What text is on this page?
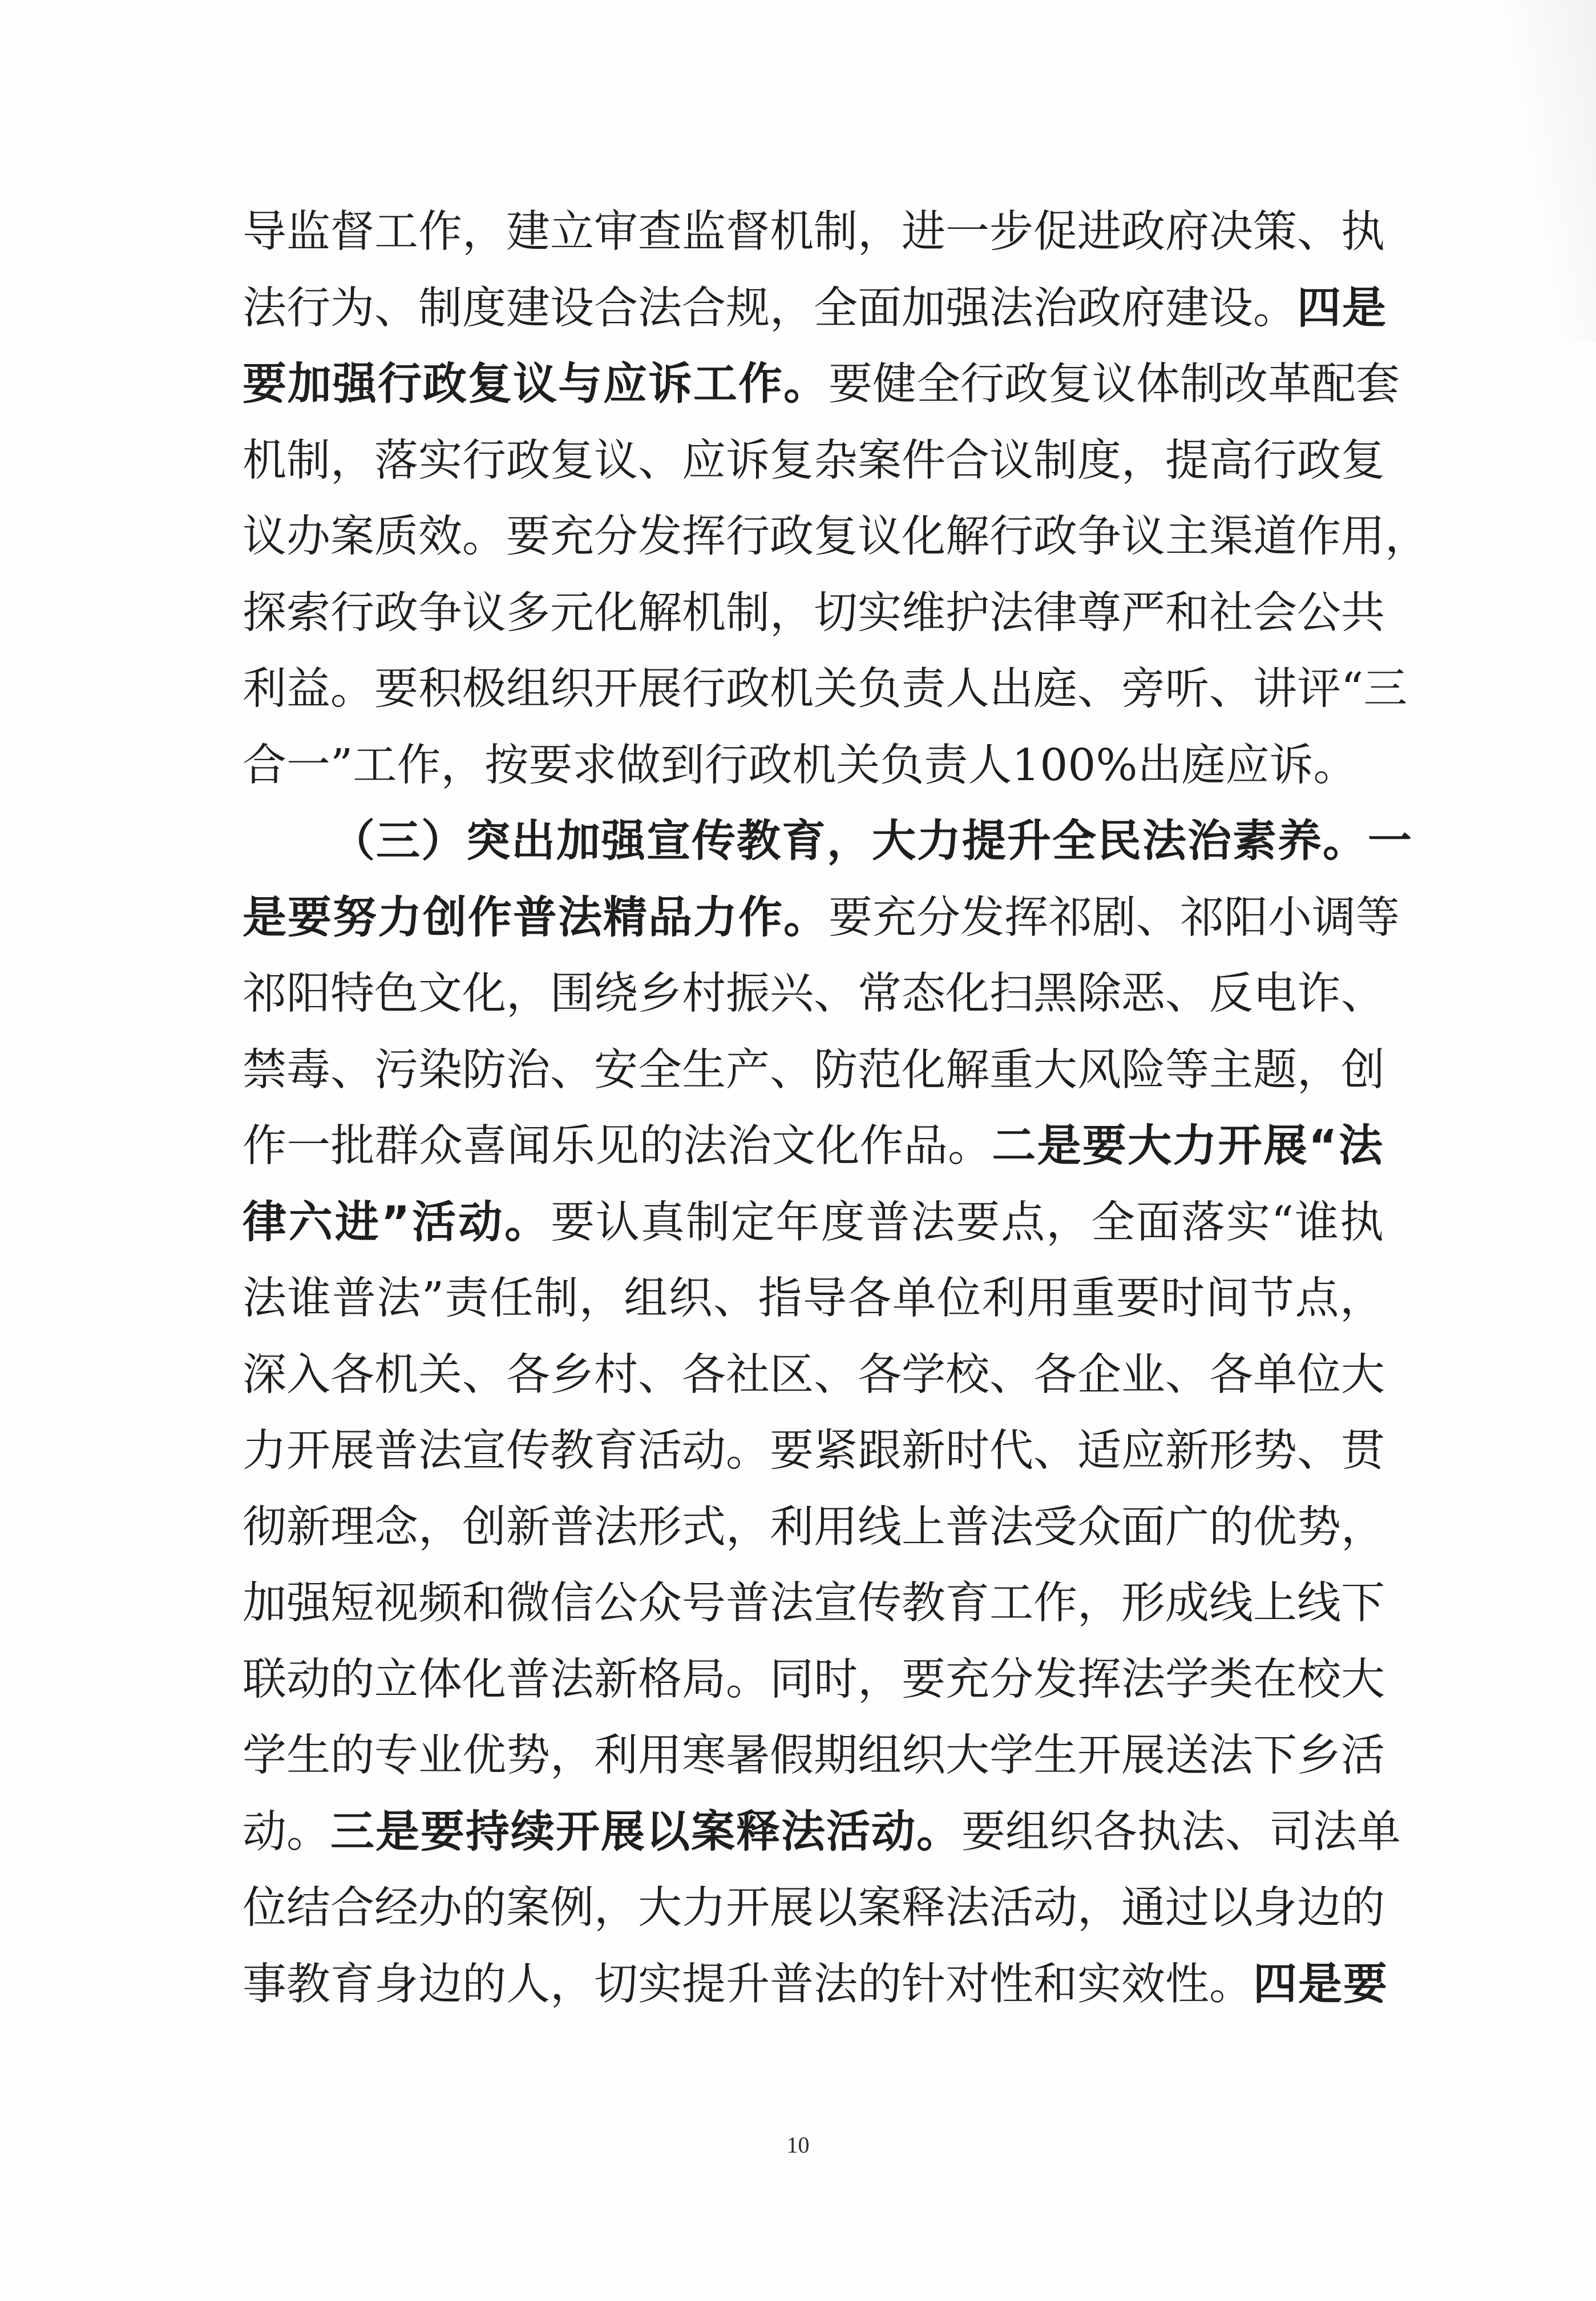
导监督工作，建立审查监督机制，进一步促进政府决策、执
法行为、制度建设合法合规，全面加强法治政府建设。四是
要加强行政复议与应诉工作。要健全行政复议体制改革配套
机制，落实行政复议、应诉复杂案件合议制度，提高行政复
议办案质效。要充分发挥行政复议化解行政争议主渠道作用，
探索行政争议多元化解机制，切实维护法律尊严和社会公共
利益。要积极组织开展行政机关负责人出庭、旁听、讲评“三
合一”工作，按要求做到行政机关负责人100%出庭应诉。
（三）突出加强宣传教育，大力提升全民法治素养。一
是要努力创作普法精品力作。要充分发挥祁剧、祁阳小调等
祁阳特色文化，围绕乡村振兴、常态化扫黑除恶、反电诈、
禁毒、污染防治、安全生产、防范化解重大风险等主题，创
作一批群众喜闻乐见的法治文化作品。二是要大力开展“法
律六进”活动。要认真制定年度普法要点，全面落实“谁执
法谁普法”责任制，组织、指导各单位利用重要时间节点，
深入各机关、各乡村、各社区、各学校、各企业、各单位大
力开展普法宣传教育活动。要紧跟新时代、适应新形势、贯
彻新理念，创新普法形式，利用线上普法受众面广的优势，
加强短视频和微信公众号普法宣传教育工作，形成线上线下
联动的立体化普法新格局。同时，要充分发挥法学类在校大
学生的专业优势，利用寒暑假期组织大学生开展送法下乡活
动。三是要持续开展以案释法活动。要组织各执法、司法单
位结合经办的案例，大力开展以案释法活动，通过以身边的
事教育身边的人，切实提升普法的针对性和实效性。四是要
10
